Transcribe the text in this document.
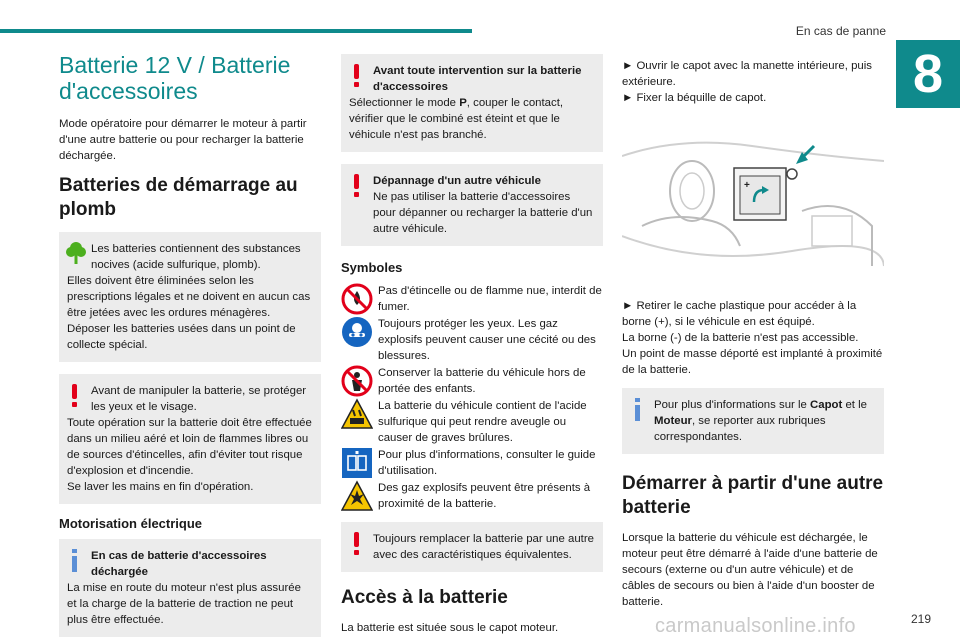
En cas de panne
8
Batterie 12 V / Batterie d'accessoires

Mode opératoire pour démarrer le moteur à partir d'une autre batterie ou pour recharger la batterie déchargée.

Batteries de démarrage au plomb
Les batteries contiennent des substances nocives (acide sulfurique, plomb).
Elles doivent être éliminées selon les prescriptions légales et ne doivent en aucun cas être jetées avec les ordures ménagères. Déposer les batteries usées dans un point de collecte spécial.
Avant de manipuler la batterie, se protéger les yeux et le visage.
Toute opération sur la batterie doit être effectuée dans un milieu aéré et loin de flammes libres ou de sources d'étincelles, afin d'éviter tout risque d'explosion et d'incendie.
Se laver les mains en fin d'opération.
Motorisation électrique
En cas de batterie d'accessoires déchargée
La mise en route du moteur n'est plus assurée et la charge de la batterie de traction ne peut plus être effectuée.
Avant toute intervention sur la batterie d'accessoires
Sélectionner le mode P, couper le contact, vérifier que le combiné est éteint et que le véhicule n'est pas branché.
Dépannage d'un autre véhicule
Ne pas utiliser la batterie d'accessoires pour dépanner ou recharger la batterie d'un autre véhicule.
Symboles
Pas d'étincelle ou de flamme nue, interdit de fumer.
Toujours protéger les yeux. Les gaz explosifs peuvent causer une cécité ou des blessures.
Conserver la batterie du véhicule hors de portée des enfants.
La batterie du véhicule contient de l'acide sulfurique qui peut rendre aveugle ou causer de graves brûlures.
Pour plus d'informations, consulter le guide d'utilisation.
Des gaz explosifs peuvent être présents à proximité de la batterie.
Toujours remplacer la batterie par une autre avec des caractéristiques équivalentes.
Accès à la batterie

La batterie est située sous le capot moteur.

► Ouvrir le capot avec la manette intérieure, puis extérieure.

► Fixer la béquille de capot.

+

► Retirer le cache plastique pour accéder à la borne (+), si le véhicule en est équipé.

La borne (-) de la batterie n'est pas accessible.

Un point de masse déporté est implanté à proximité de la batterie.

Pour plus d'informations sur le Capot et le Moteur, se reporter aux rubriques correspondantes.
Démarrer à partir d'une autre batterie

Lorsque la batterie du véhicule est déchargée, le moteur peut être démarré à l'aide d'une batterie de secours (externe ou d'un autre véhicule) et de câbles de secours ou bien à l'aide d'un booster de batterie.

carmanualsonline.info	219
